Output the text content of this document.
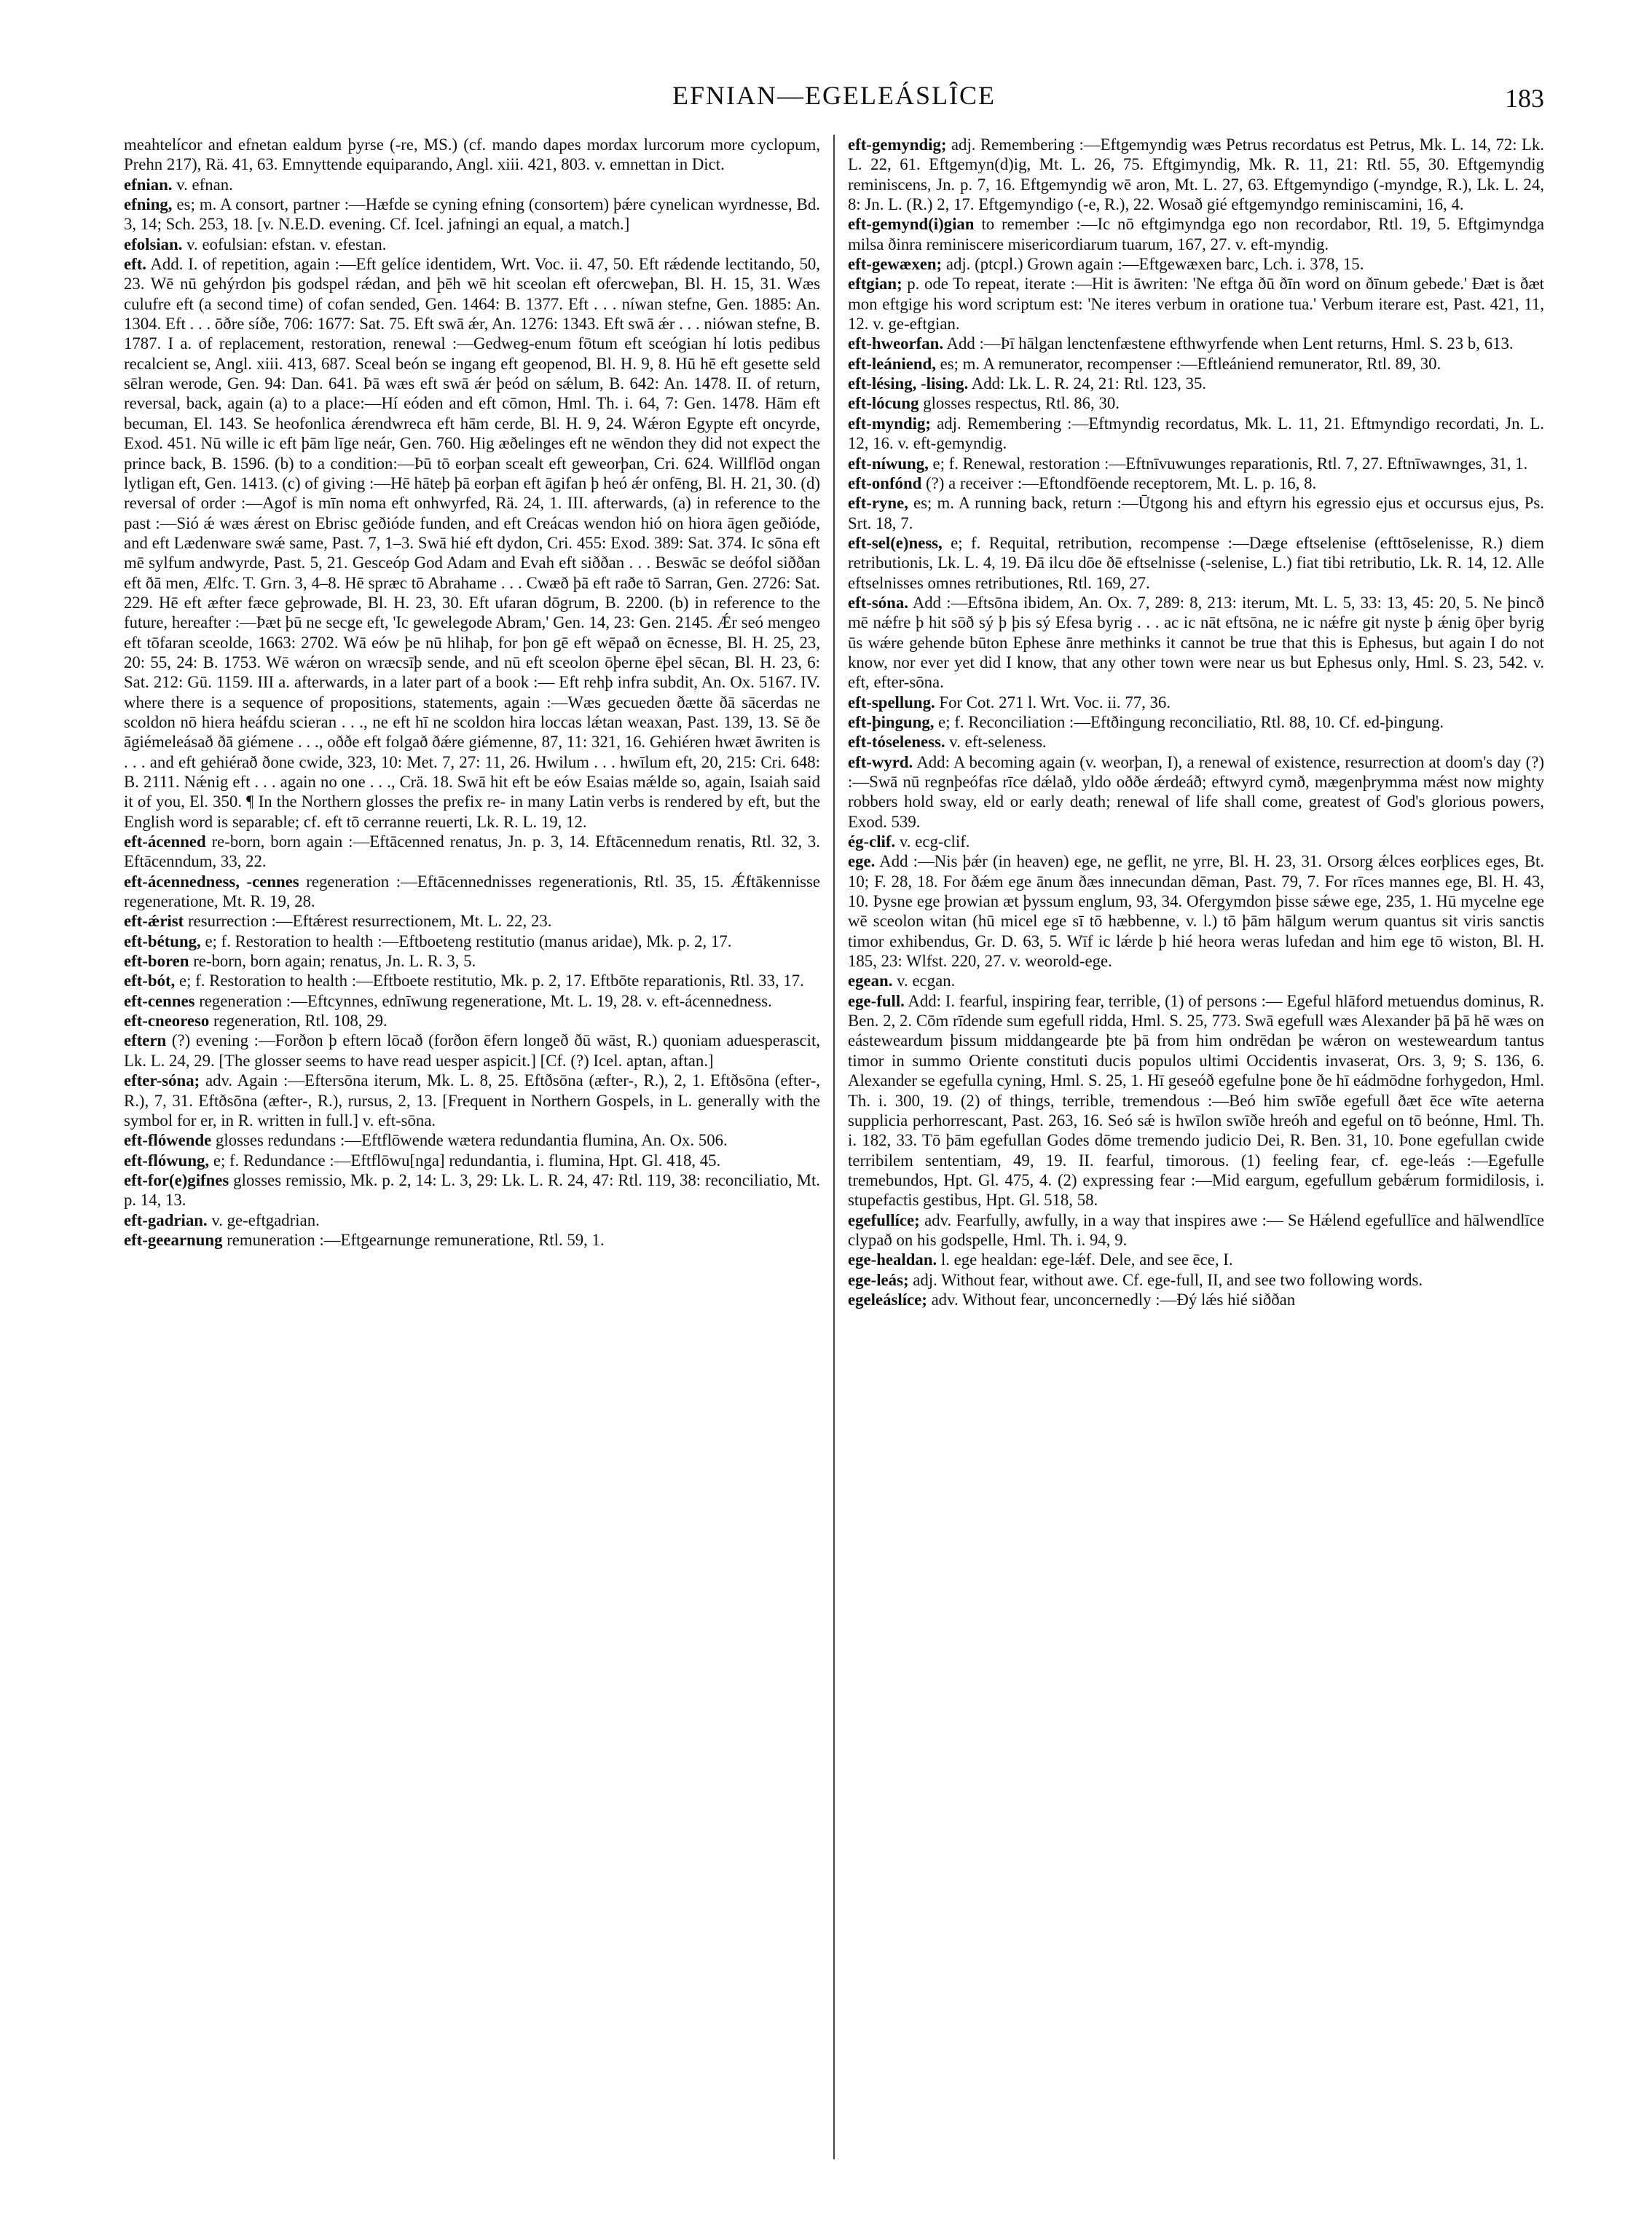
EFNIAN—EGELEÁSLÎCE	183

meahtelícor and efnetan ealdum þyrse (-re, MS.) (cf. mando dapes mordax lurcorum more cyclopum, Prehn 217), Rä. 41, 63. Emnyttende equiparando, Angl. xiii. 421, 803. v. emnettan in Dict.

efnian. v. efnan.

efning, es; m. A consort, partner :—Hæfde se cyning efning (consortem) þǽre cynelican wyrdnesse, Bd. 3, 14; Sch. 253, 18. [v. N.E.D. evening. Cf. Icel. jafningi an equal, a match.]

efolsian. v. eofulsian: efstan. v. efestan.

eft. Add. I. of repetition, again :—Eft gelíce identidem, Wrt. Voc. ii. 47, 50. Eft rǽdende lectitando, 50, 23. Wē nū gehýrdon þis godspel rǽdan, and þēh wē hit sceolan eft ofercweþan, Bl. H. 15, 31. Wæs culufre eft (a second time) of cofan sended, Gen. 1464: B. 1377. Eft . . . níwan stefne, Gen. 1885: An. 1304. Eft . . . ōðre síðe, 706: 1677: Sat. 75. Eft swā ǽr, An. 1276: 1343. Eft swā ǽr . . . niówan stefne, B. 1787. I a. of replacement, restoration, renewal :—Gedweg-enum fōtum eft sceógian hí lotis pedibus recalcient se, Angl. xiii. 413, 687. Sceal beón se ingang eft geopenod, Bl. H. 9, 8. Hū hē eft gesette seld sēlran werode, Gen. 94: Dan. 641. Þā wæs eft swā ǽr þeód on sǽlum, B. 642: An. 1478. II. of return, reversal, back, again (a) to a place:—Hí eóden and eft cōmon, Hml. Th. i. 64, 7: Gen. 1478. Hām eft becuman, El. 143. Se heofonlica ǽrendwreca eft hām cerde, Bl. H. 9, 24. Wǽron Egypte eft oncyrde, Exod. 451. Nū wille ic eft þām līge neár, Gen. 760. Hig æðelinges eft ne wēndon they did not expect the prince back, B. 1596. (b) to a condition:—Þū tō eorþan scealt eft geweorþan, Cri. 624. Willflōd ongan lytligan eft, Gen. 1413. (c) of giving :—Hē hāteþ þā eorþan eft āgifan þ heó ǽr onfēng, Bl. H. 21, 30. (d) reversal of order :—Agof is mīn noma eft onhwyrfed, Rä. 24, 1. III. afterwards, (a) in reference to the past :—Sió ǽ wæs ǽrest on Ebrisc geðióde funden, and eft Creácas wendon hió on hiora āgen geðióde, and eft Lædenware swǽ same, Past. 7, 1–3. Swā hié eft dydon, Cri. 455: Exod. 389: Sat. 374. Ic sōna eft mē sylfum andwyrde, Past. 5, 21. Gesceóp God Adam and Evah eft siððan . . . Beswāc se deófol siððan eft ðā men, Ælfc. T. Grn. 3, 4–8. Hē spræc tō Abrahame . . . Cwæð þā eft raðe tō Sarran, Gen. 2726: Sat. 229. Hē eft æfter fæce geþrowade, Bl. H. 23, 30. Eft ufaran dōgrum, B. 2200. (b) in reference to the future, hereafter :—Þæt þū ne secge eft, 'Ic gewelegode Abram,' Gen. 14, 23: Gen. 2145. Ǽr seó mengeo eft tōfaran sceolde, 1663: 2702. Wā eów þe nū hlihaþ, for þon gē eft wēpað on ēcnesse, Bl. H. 25, 23, 20: 55, 24: B. 1753. Wē wǽron on wræcsīþ sende, and nū eft sceolon ōþerne ēþel sēcan, Bl. H. 23, 6: Sat. 212: Gū. 1159. III a. afterwards, in a later part of a book :— Eft rehþ infra subdit, An. Ox. 5167. IV. where there is a sequence of propositions, statements, again :—Wæs gecueden ðætte ðā sācerdas ne scoldon nō hiera heáfdu scieran . . ., ne eft hī ne scoldon hira loccas lǽtan weaxan, Past. 139, 13. Sē ðe āgiémeleásað ðā giémene . . ., oððe eft folgað ðǽre giémenne, 87, 11: 321, 16. Gehiéren hwæt āwriten is . . . and eft gehiérað ðone cwide, 323, 10: Met. 7, 27: 11, 26. Hwilum . . . hwīlum eft, 20, 215: Cri. 648: B. 2111. Nǽnig eft . . . again no one . . ., Crä. 18. Swā hit eft be eów Esaias mǽlde so, again, Isaiah said it of you, El. 350. ¶ In the Northern glosses the prefix re- in many Latin verbs is rendered by eft, but the English word is separable; cf. eft tō cerranne reuerti, Lk. R. L. 19, 12.

eft-ácenned re-born, born again :—Eftācenned renatus, Jn. p. 3, 14. Eftācennedum renatis, Rtl. 32, 3. Eftācenndum, 33, 22.

eft-ácennedness, -cennes regeneration :—Eftācennednisses regenerationis, Rtl. 35, 15. Ǽftākennisse regeneratione, Mt. R. 19, 28.

eft-ǽrist resurrection :—Eftǽrest resurrectionem, Mt. L. 22, 23.

eft-bétung, e; f. Restoration to health :—Eftboeteng restitutio (manus aridae), Mk. p. 2, 17.

eft-boren re-born, born again; renatus, Jn. L. R. 3, 5.

eft-bót, e; f. Restoration to health :—Eftboete restitutio, Mk. p. 2, 17. Eftbōte reparationis, Rtl. 33, 17.

eft-cennes regeneration :—Eftcynnes, ednīwung regeneratione, Mt. L. 19, 28. v. eft-ácennedness.

eft-cneoreso regeneration, Rtl. 108, 29.

eftern (?) evening :—Forðon þ eftern lōcað (forðon ēfern longeð ðū wāst, R.) quoniam aduesperascit, Lk. L. 24, 29. [The glosser seems to have read uesper aspicit.] [Cf. (?) Icel. aptan, aftan.]

efter-sóna; adv. Again :—Eftersōna iterum, Mk. L. 8, 25. Eftðsōna (æfter-, R.), 2, 1. Eftðsōna (efter-, R.), 7, 31. Eftðsōna (æfter-, R.), rursus, 2, 13. [Frequent in Northern Gospels, in L. generally with the symbol for er, in R. written in full.] v. eft-sōna.

eft-flówende glosses redundans :—Eftflōwende wætera redundantia flumina, An. Ox. 506.

eft-flówung, e; f. Redundance :—Eftflōwu[nga] redundantia, i. flumina, Hpt. Gl. 418, 45.

eft-for(e)gifnes glosses remissio, Mk. p. 2, 14: L. 3, 29: Lk. L. R. 24, 47: Rtl. 119, 38: reconciliatio, Mt. p. 14, 13.

eft-gadrian. v. ge-eftgadrian.

eft-geearnung remuneration :—Eftgearnunge remuneratione, Rtl. 59, 1.

eft-gemyndig; adj. Remembering :—Eftgemyndig wæs Petrus recordatus est Petrus, Mk. L. 14, 72: Lk. L. 22, 61. Eftgemyn(d)ig, Mt. L. 26, 75. Eftgimyndig, Mk. R. 11, 21: Rtl. 55, 30. Eftgemyndig reminiscens, Jn. p. 7, 16. Eftgemyndig wē aron, Mt. L. 27, 63. Eftgemyndigo (-myndge, R.), Lk. L. 24, 8: Jn. L. (R.) 2, 17. Eftgemyndigo (-e, R.), 22. Wosað gié eftgemyndgo reminiscamini, 16, 4.

eft-gemynd(i)gian to remember :—Ic nō eftgimyndga ego non recordabor, Rtl. 19, 5. Eftgimyndga milsa ðinra reminiscere misericordiarum tuarum, 167, 27. v. eft-myndig.

eft-gewæxen; adj. (ptcpl.) Grown again :—Eftgewæxen barc, Lch. i. 378, 15.

eftgian; p. ode To repeat, iterate :—Hit is āwriten: 'Ne eftga ðū ðīn word on ðīnum gebede.' Ðæt is ðæt mon eftgige his word scriptum est: 'Ne iteres verbum in oratione tua.' Verbum iterare est, Past. 421, 11, 12. v. ge-eftgian.

eft-hweorfan. Add :—Þī hālgan lenctenfæstene efthwyrfende when Lent returns, Hml. S. 23 b, 613.

eft-leániend, es; m. A remunerator, recompenser :—Eftleániend remunerator, Rtl. 89, 30.

eft-lésing, -lising. Add: Lk. L. R. 24, 21: Rtl. 123, 35.

eft-lócung glosses respectus, Rtl. 86, 30.

eft-myndig; adj. Remembering :—Eftmyndig recordatus, Mk. L. 11, 21. Eftmyndigo recordati, Jn. L. 12, 16. v. eft-gemyndig.

eft-níwung, e; f. Renewal, restoration :—Eftnīvuwunges reparationis, Rtl. 7, 27. Eftnīwawnges, 31, 1.

eft-onfónd (?) a receiver :—Eftondfōende receptorem, Mt. L. p. 16, 8.

eft-ryne, es; m. A running back, return :—Ūtgong his and eftyrn his egressio ejus et occursus ejus, Ps. Srt. 18, 7.

eft-sel(e)ness, e; f. Requital, retribution, recompense :—Dæge eftselenise (efttōselenisse, R.) diem retributionis, Lk. L. 4, 19. Ðā ilcu dōe ðē eftselnisse (-selenise, L.) fiat tibi retributio, Lk. R. 14, 12. Alle eftselnisses omnes retributiones, Rtl. 169, 27.

eft-sóna. Add :—Eftsōna ibidem, An. Ox. 7, 289: 8, 213: iterum, Mt. L. 5, 33: 13, 45: 20, 5. Ne þincð mē nǽfre þ hit sōð sý þ þis sý Efesa byrig . . . ac ic nāt eftsōna, ne ic nǽfre git nyste þ ǽnig ōþer byrig ūs wǽre gehende būton Ephese ānre methinks it cannot be true that this is Ephesus, but again I do not know, nor ever yet did I know, that any other town were near us but Ephesus only, Hml. S. 23, 542. v. eft, efter-sōna.

eft-spellung. For Cot. 271 l. Wrt. Voc. ii. 77, 36.

eft-þingung, e; f. Reconciliation :—Eftðingung reconciliatio, Rtl. 88, 10. Cf. ed-þingung.

eft-tóseleness. v. eft-seleness.

eft-wyrd. Add: A becoming again (v. weorþan, I), a renewal of existence, resurrection at doom's day (?) :—Swā nū regnþeófas rīce dǽlað, yldo oððe ǽrdeáð; eftwyrd cymð, mægenþrymma mǽst now mighty robbers hold sway, eld or early death; renewal of life shall come, greatest of God's glorious powers, Exod. 539.

ég-clif. v. ecg-clif.

ege. Add :—Nis þǽr (in heaven) ege, ne geflit, ne yrre, Bl. H. 23, 31. Orsorg ǽlces eorþlices eges, Bt. 10; F. 28, 18. For ðǽm ege ānum ðæs innecundan dēman, Past. 79, 7. For rīces mannes ege, Bl. H. 43, 10. Þysne ege þrowian æt þyssum englum, 93, 34. Ofergymdon þisse sǽwe ege, 235, 1. Hū mycelne ege wē sceolon witan (hū micel ege sī tō hæbbenne, v. l.) tō þām hālgum werum quantus sit viris sanctis timor exhibendus, Gr. D. 63, 5. Wīf ic lǽrde þ hié heora weras lufedan and him ege tō wiston, Bl. H. 185, 23: Wlfst. 220, 27. v. weorold-ege.

egean. v. ecgan.

ege-full. Add: I. fearful, inspiring fear, terrible, (1) of persons :— Egeful hlāford metuendus dominus, R. Ben. 2, 2. Cōm rīdende sum egefull ridda, Hml. S. 25, 773. Swā egefull wæs Alexander þā þā hē wæs on eásteweardum þissum middangearde þte þā from him ondrēdan þe wǽron on westeweardum tantus timor in summo Oriente constituti ducis populos ultimi Occidentis invaserat, Ors. 3, 9; S. 136, 6. Alexander se egefulla cyning, Hml. S. 25, 1. Hī geseóð egefulne þone ðe hī eádmōdne forhygedon, Hml. Th. i. 300, 19. (2) of things, terrible, tremendous :—Beó him swīðe egefull ðæt ēce wīte aeterna supplicia perhorrescant, Past. 263, 16. Seó sǽ is hwīlon swīðe hreóh and egeful on tō beónne, Hml. Th. i. 182, 33. Tō þām egefullan Godes dōme tremendo judicio Dei, R. Ben. 31, 10. Þone egefullan cwide terribilem sententiam, 49, 19. II. fearful, timorous. (1) feeling fear, cf. ege-leás :—Egefulle tremebundos, Hpt. Gl. 475, 4. (2) expressing fear :—Mid eargum, egefullum gebǽrum formidilosis, i. stupefactis gestibus, Hpt. Gl. 518, 58.

egefullíce; adv. Fearfully, awfully, in a way that inspires awe :— Se Hǽlend egefullīce and hālwendlīce clypað on his godspelle, Hml. Th. i. 94, 9.

ege-healdan. l. ege healdan: ege-lǽf. Dele, and see ēce, I.

ege-leás; adj. Without fear, without awe. Cf. ege-full, II, and see two following words.

egeleáslíce; adv. Without fear, unconcernedly :—Ðý lǽs hié siððan
